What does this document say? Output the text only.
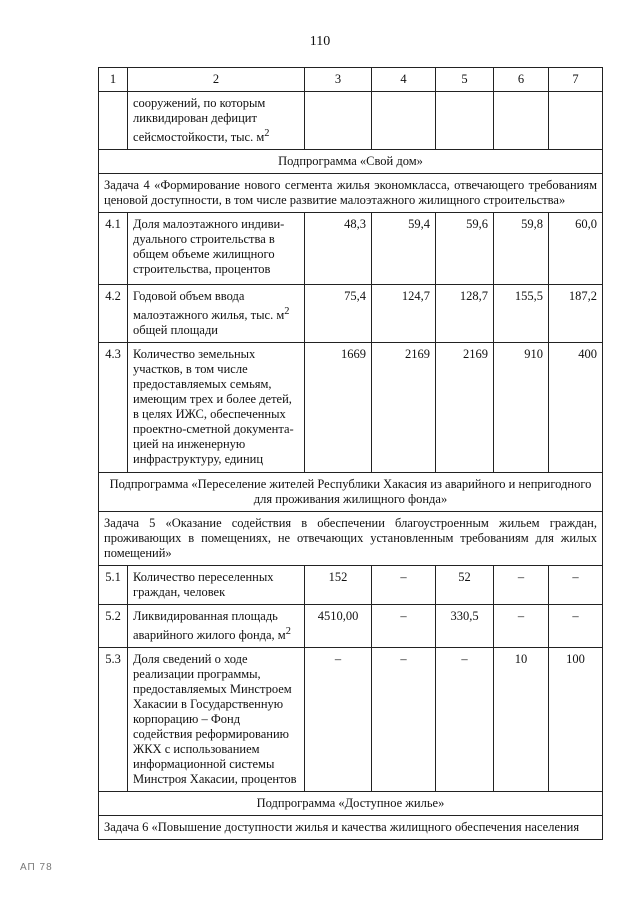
110
1	2	3	4	5	6	7
	сооружений, по которым ликвидирован дефицит сейсмостойкости, тыс. $м^2$					
Подпрограмма «Свой дом»						
Задача 4 «Формирование нового сегмента жилья экономкласса, отвечающего требованиям ценовой доступности, в том числе развитие малоэтажного жилищного строительства»						
4.1	Доля малоэтажного индиви-дуального строительства в общем объеме жилищного строительства, процентов	48,3	59,4	59,6	59,8	60,0
4.2	Годовой объем ввода малоэтажного жилья, тыс. $м^2$ общей площади	75,4	124,7	128,7	155,5	187,2
4.3	Количество земельных участков, в том числе предоставляемых семьям, имеющим трех и более детей, в целях ИЖС, обеспеченных проектно-сметной документа-цией на инженерную инфраструктуру, единиц	1669	2169	2169	910	400
Подпрограмма «Переселение жителей Республики Хакасия из аварийного и непригодного для проживания жилищного фонда»						
Задача 5 «Оказание содействия в обеспечении благоустроенным жильем граждан, проживающих в помещениях, не отвечающих установленным требованиям для жилых помещений»						
5.1	Количество переселенных граждан, человек	152	–	52	–	–
5.2	Ликвидированная площадь аварийного жилого фонда, $м^2$	4510,00	–	330,5	–	–
5.3	Доля сведений о ходе реализации программы, предоставляемых Минстроем Хакасии в Государственную корпорацию – Фонд содействия реформированию ЖКХ с использованием информационной системы Минстроя Хакасии, процентов	–	–	–	10	100
Подпрограмма «Доступное жилье»						
Задача 6 «Повышение доступности жилья и качества жилищного обеспечения населения						
АП 78
